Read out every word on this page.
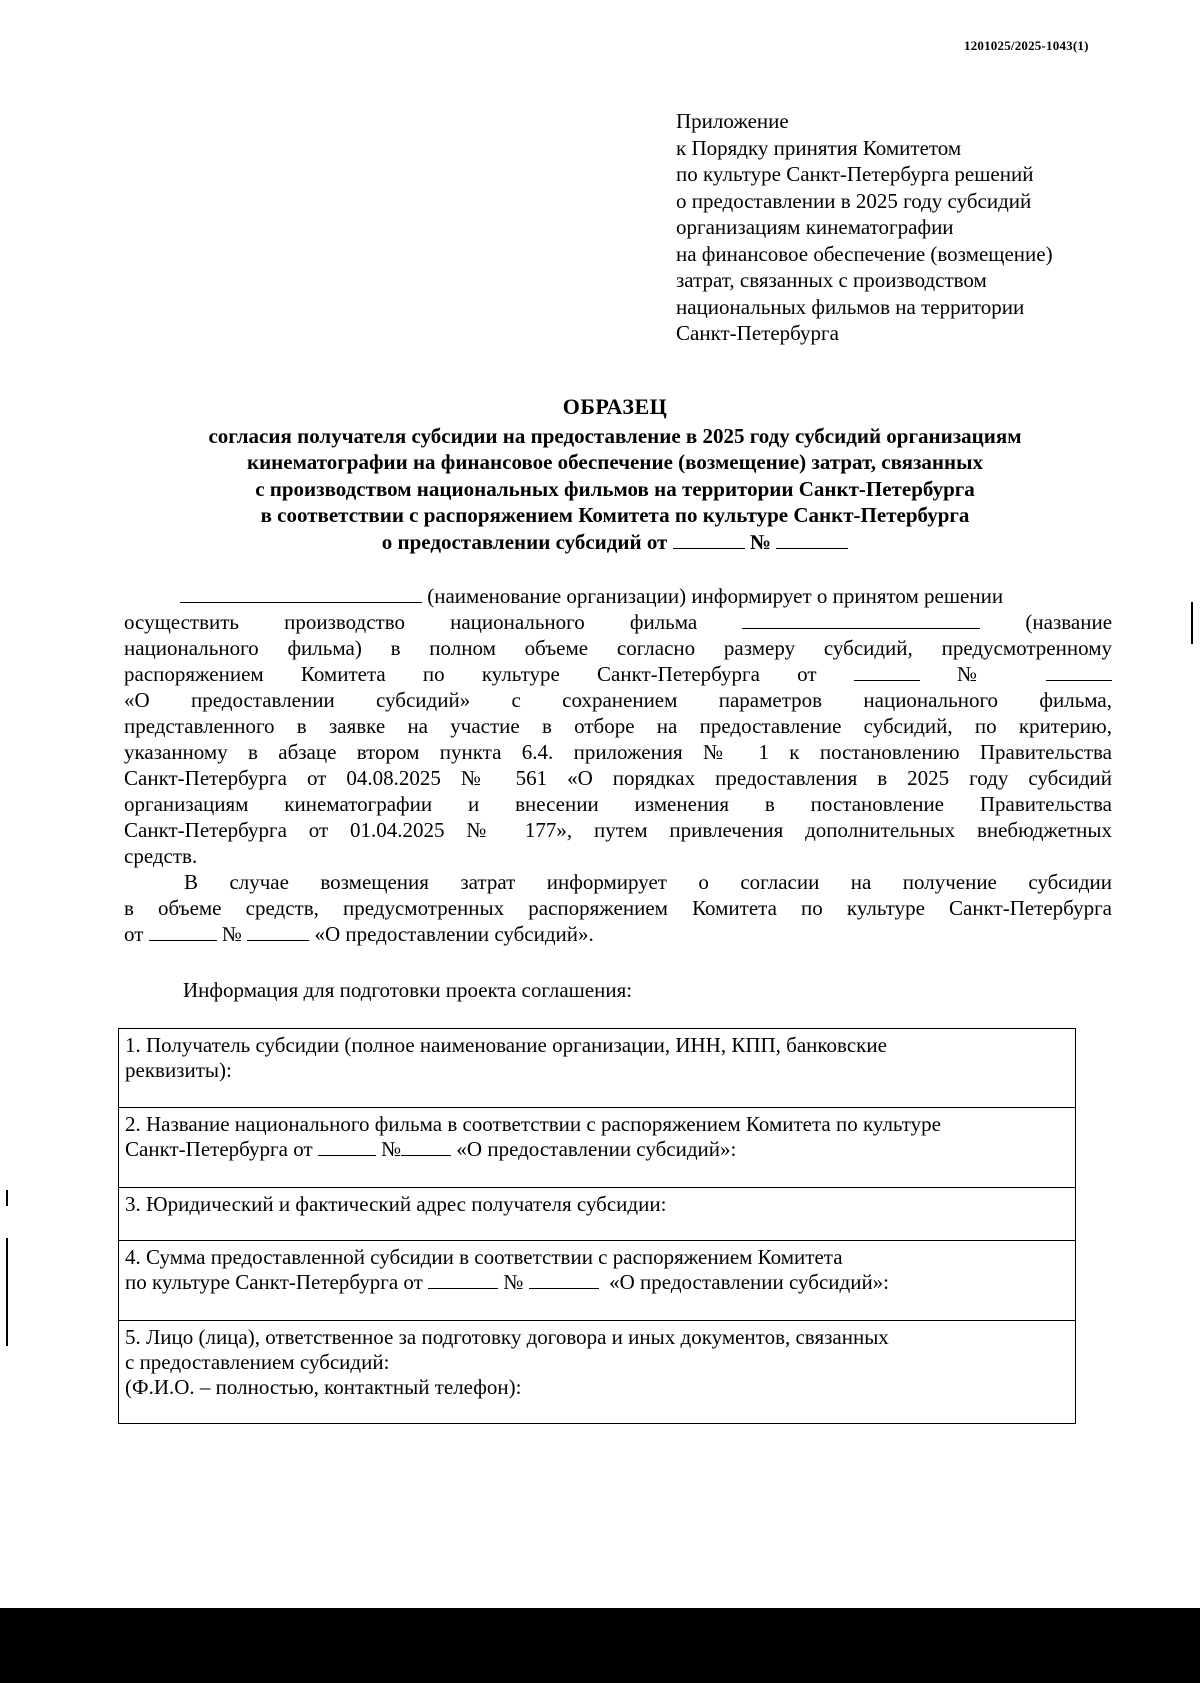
1201025/2025-1043(1)
Приложение
к Порядку принятия Комитетом
по культуре Санкт-Петербурга решений
о предоставлении в 2025 году субсидий
организациям кинематографии
на финансовое обеспечение (возмещение)
затрат, связанных с производством
национальных фильмов на территории
Санкт-Петербурга
ОБРАЗЕЦ
согласия получателя субсидии на предоставление в 2025 году субсидий организациям
кинематографии на финансовое обеспечение (возмещение) затрат, связанных
с производством национальных фильмов на территории Санкт-Петербурга
в соответствии с распоряжением Комитета по культуре Санкт-Петербурга
о предоставлении субсидий от	№
(наименование организации) информирует о принятом решении
осуществить производство национального фильма	(название
национального фильма) в полном объеме согласно размеру субсидий, предусмотренному
распоряжением Комитета по культуре Санкт-Петербурга от	№
«О предоставлении субсидий» с сохранением параметров национального фильма,
представленного в заявке на участие в отборе на предоставление субсидий, по критерию,
указанному в абзаце втором пункта 6.4. приложения № 1 к постановлению Правительства
Санкт-Петербурга от 04.08.2025 № 561 «О порядках предоставления в 2025 году субсидий
организациям кинематографии и внесении изменения в постановление Правительства
Санкт-Петербурга от 01.04.2025 № 177», путем привлечения дополнительных внебюджетных
средств.
В случае возмещения затрат информирует о согласии на получение субсидии
в объеме средств, предусмотренных распоряжением Комитета по культуре Санкт-Петербурга
от	№	«О предоставлении субсидий».
Информация для подготовки проекта соглашения:
1. Получатель субсидии (полное наименование организации, ИНН, КПП, банковские
реквизиты):
2. Название национального фильма в соответствии с распоряжением Комитета по культуре
Санкт-Петербурга от	№	«О предоставлении субсидий»:
3. Юридический и фактический адрес получателя субсидии:
4. Сумма предоставленной субсидии в соответствии с распоряжением Комитета
по культуре Санкт-Петербурга от	№	«О предоставлении субсидий»:
5. Лицо (лица), ответственное за подготовку договора и иных документов, связанных
с предоставлением субсидий:
(Ф.И.О. – полностью, контактный телефон):
